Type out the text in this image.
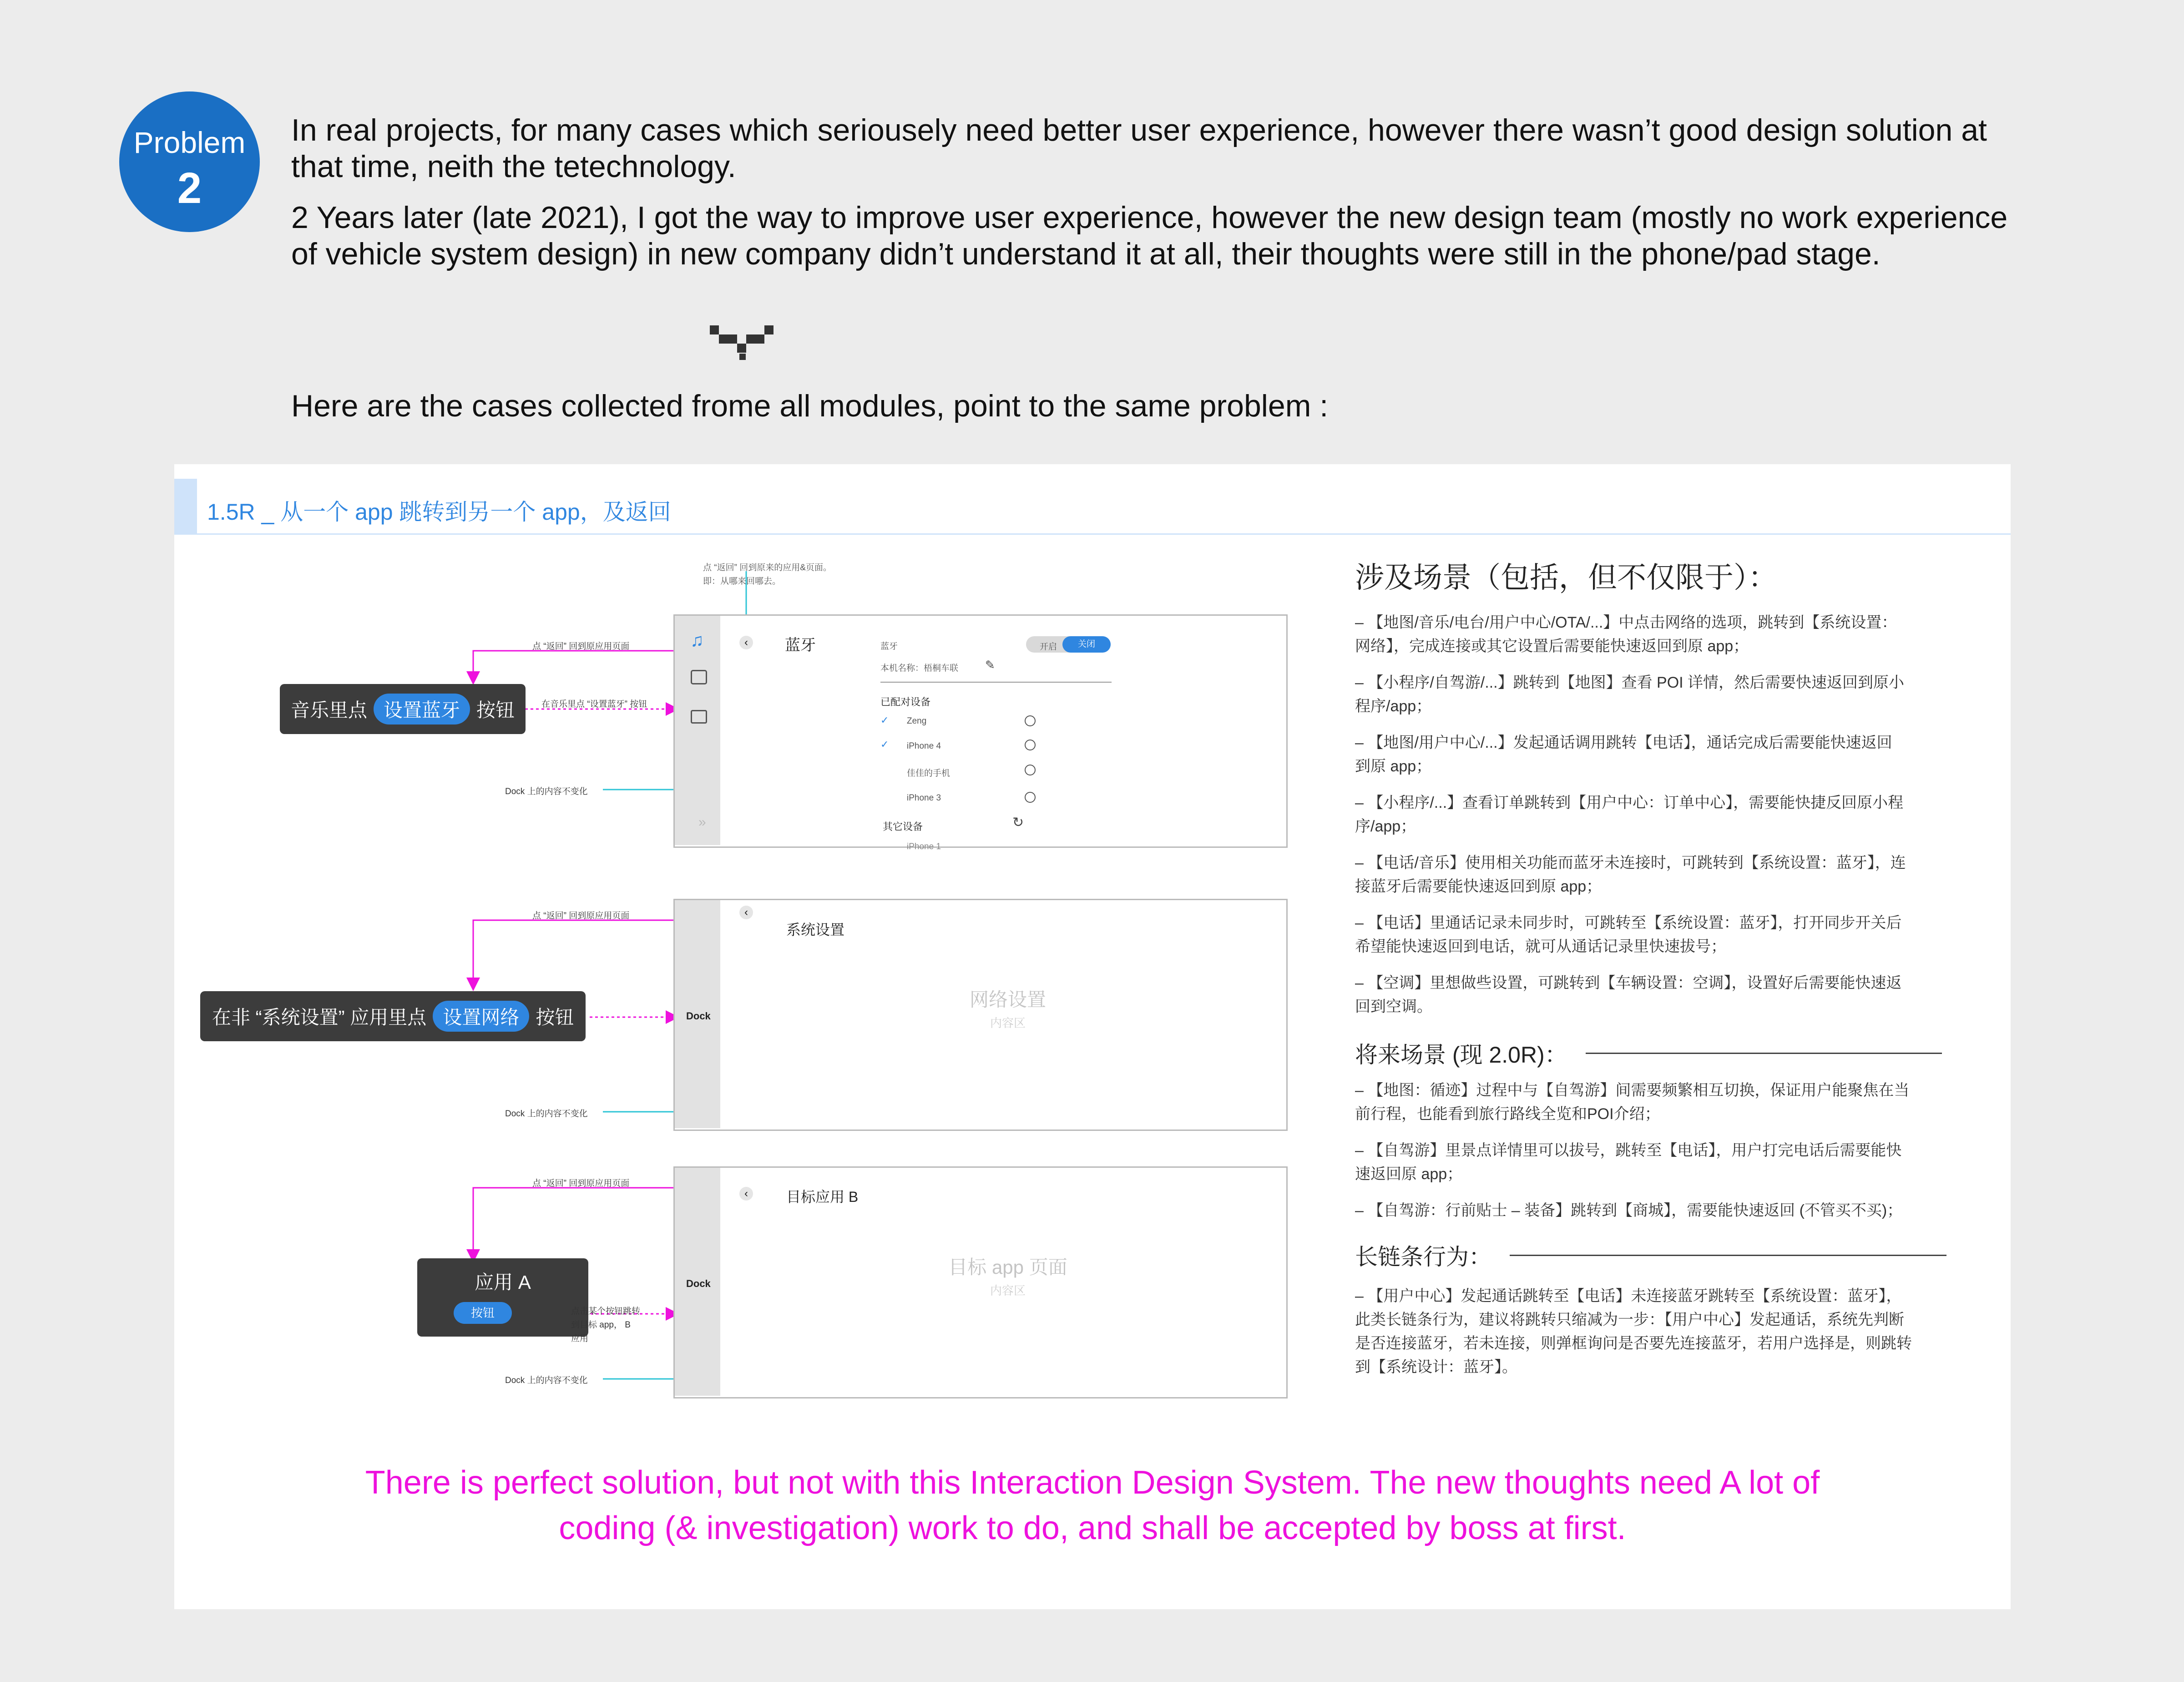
Problem
2
In real projects, for many cases which seriousely need better user experience, however there wasn’t good design solution at
that time, neith the tetechnology.
2 Years later (late 2021), I got the way to improve user experience, however the new design team (mostly no work experience
of vehicle system design) in new company didn’t understand it at all, their thoughts were still in the phone/pad stage.
Here are the cases collected frome all modules, point to the same problem :
1.5R _ 从一个 app 跳转到另一个 app，及返回
点 “返回” 回到原来的应用&页面。
即：从哪来回哪去。
点 “返回” 回到原应用页面
音乐里点 设置蓝牙 按钮	在音乐里点 “设置蓝牙” 按钮
Dock 上的内容不变化
♫
»
‹	蓝牙	蓝牙	开启	关闭
本机名称：梧桐车联 ✎
已配对设备
✓ Zeng
✓ iPhone 4
佳佳的手机
iPhone 3
其它设备	↻
iPhone 1
点 “返回” 回到原应用页面
在非 “系统设置” 应用里点 设置网络 按钮
Dock 上的内容不变化
Dock
‹
系统设置
网络设置
内容区
点 “返回” 回到原应用页面
应用 A
按钮	点击某个按钮跳转
到目标 app， B
应用
Dock 上的内容不变化
Dock
‹	目标应用 B
目标 app 页面
内容区
涉及场景（包括，但不仅限于）：
– 【地图/音乐/电台/用户中心/OTA/...】中点击网络的选项，跳转到【系统设置：
网络】，完成连接或其它设置后需要能快速返回到原 app；
– 【小程序/自驾游/...】跳转到【地图】查看 POI 详情，然后需要快速返回到原小
程序/app；
– 【地图/用户中心/...】发起通话调用跳转【电话】，通话完成后需要能快速返回
到原 app；
– 【小程序/...】查看订单跳转到【用户中心：订单中心】，需要能快捷反回原小程
序/app；
– 【电话/音乐】使用相关功能而蓝牙未连接时，可跳转到【系统设置：蓝牙】，连
接蓝牙后需要能快速返回到原 app；
– 【电话】里通话记录未同步时，可跳转至【系统设置：蓝牙】，打开同步开关后
希望能快速返回到电话，就可从通话记录里快速拔号；
– 【空调】里想做些设置，可跳转到【车辆设置：空调】，设置好后需要能快速返
回到空调。
将来场景 (现 2.0R)：
– 【地图：循迹】过程中与【自驾游】间需要频繁相互切换，保证用户能聚焦在当
前行程，也能看到旅行路线全览和POI介绍；
– 【自驾游】里景点详情里可以拔号，跳转至【电话】，用户打完电话后需要能快
速返回原 app；
– 【自驾游：行前贴士 – 装备】跳转到【商城】，需要能快速返回 (不管买不买)；
长链条行为：
– 【用户中心】发起通话跳转至【电话】未连接蓝牙跳转至【系统设置：蓝牙】，
此类长链条行为，建议将跳转只缩减为一步：【用户中心】发起通话，系统先判断
是否连接蓝牙，若未连接，则弹框询问是否要先连接蓝牙，若用户选择是，则跳转
到【系统设计：蓝牙】。
There is perfect solution, but not with this Interaction Design System. The new thoughts need A lot of
coding (& investigation) work to do, and shall be accepted by boss at first.
